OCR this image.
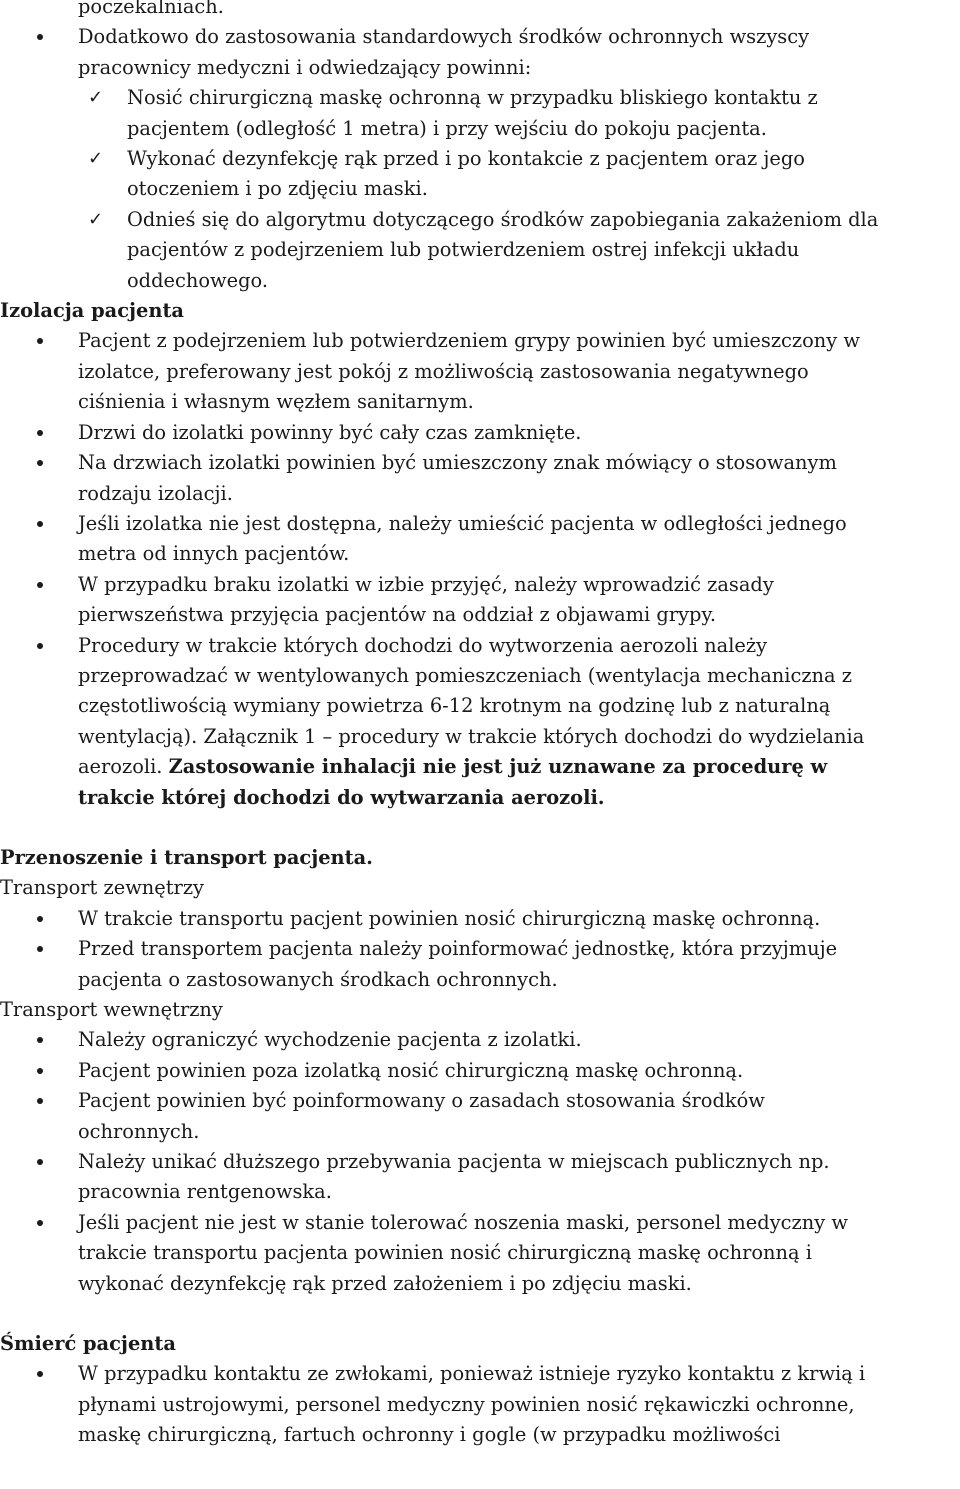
poczekalniach.

Dodatkowo do zastosowania standardowych środków ochronnych wszyscy

pracownicy medyczni i odwiedzający powinni:

✓ Nosić chirurgiczną maskę ochronną w przypadku bliskiego kontaktu z

pacjentem (odległość 1 metra) i przy wejściu do pokoju pacjenta.

✓ Wykonać dezynfekcję rąk przed i po kontakcie z pacjentem oraz jego

otoczeniem i po zdjęciu maski.

✓ Odnieś się do algorytmu dotyczącego środków zapobiegania zakażeniom dla

pacjentów z podejrzeniem lub potwierdzeniem ostrej infekcji układu

oddechowego.

Izolacja pacjenta

Pacjent z podejrzeniem lub potwierdzeniem grypy powinien być umieszczony w

izolatce, preferowany jest pokój z możliwością zastosowania negatywnego

ciśnienia i własnym węzłem sanitarnym.

Drzwi do izolatki powinny być cały czas zamknięte.

Na drzwiach izolatki powinien być umieszczony znak mówiący o stosowanym

rodzaju izolacji.

Jeśli izolatka nie jest dostępna, należy umieścić pacjenta w odległości jednego

metra od innych pacjentów.

W przypadku braku izolatki w izbie przyjęć, należy wprowadzić zasady

pierwszeństwa przyjęcia pacjentów na oddział z objawami grypy.

Procedury w trakcie których dochodzi do wytworzenia aerozoli należy

przeprowadzać w wentylowanych pomieszczeniach (wentylacja mechaniczna z

częstotliwością wymiany powietrza 6-12 krotnym na godzinę lub z naturalną

wentylacją). Załącznik 1 – procedury w trakcie których dochodzi do wydzielania

aerozoli. Zastosowanie inhalacji nie jest już uznawane za procedurę w

trakcie której dochodzi do wytwarzania aerozoli.

Przenoszenie i transport pacjenta.

Transport zewnętrzy

W trakcie transportu pacjent powinien nosić chirurgiczną maskę ochronną.

Przed transportem pacjenta należy poinformować jednostkę, która przyjmuje

pacjenta o zastosowanych środkach ochronnych.

Transport wewnętrzny

Należy ograniczyć wychodzenie pacjenta z izolatki.

Pacjent powinien poza izolatką nosić chirurgiczną maskę ochronną.

Pacjent powinien być poinformowany o zasadach stosowania środków

ochronnych.

Należy unikać dłuższego przebywania pacjenta w miejscach publicznych np.

pracownia rentgenowska.

Jeśli pacjent nie jest w stanie tolerować noszenia maski, personel medyczny w

trakcie transportu pacjenta powinien nosić chirurgiczną maskę ochronną i

wykonać dezynfekcję rąk przed założeniem i po zdjęciu maski.

Śmierć pacjenta

W przypadku kontaktu ze zwłokami, ponieważ istnieje ryzyko kontaktu z krwią i

płynami ustrojowymi, personel medyczny powinien nosić rękawiczki ochronne,

maskę chirurgiczną, fartuch ochronny i gogle (w przypadku możliwości
